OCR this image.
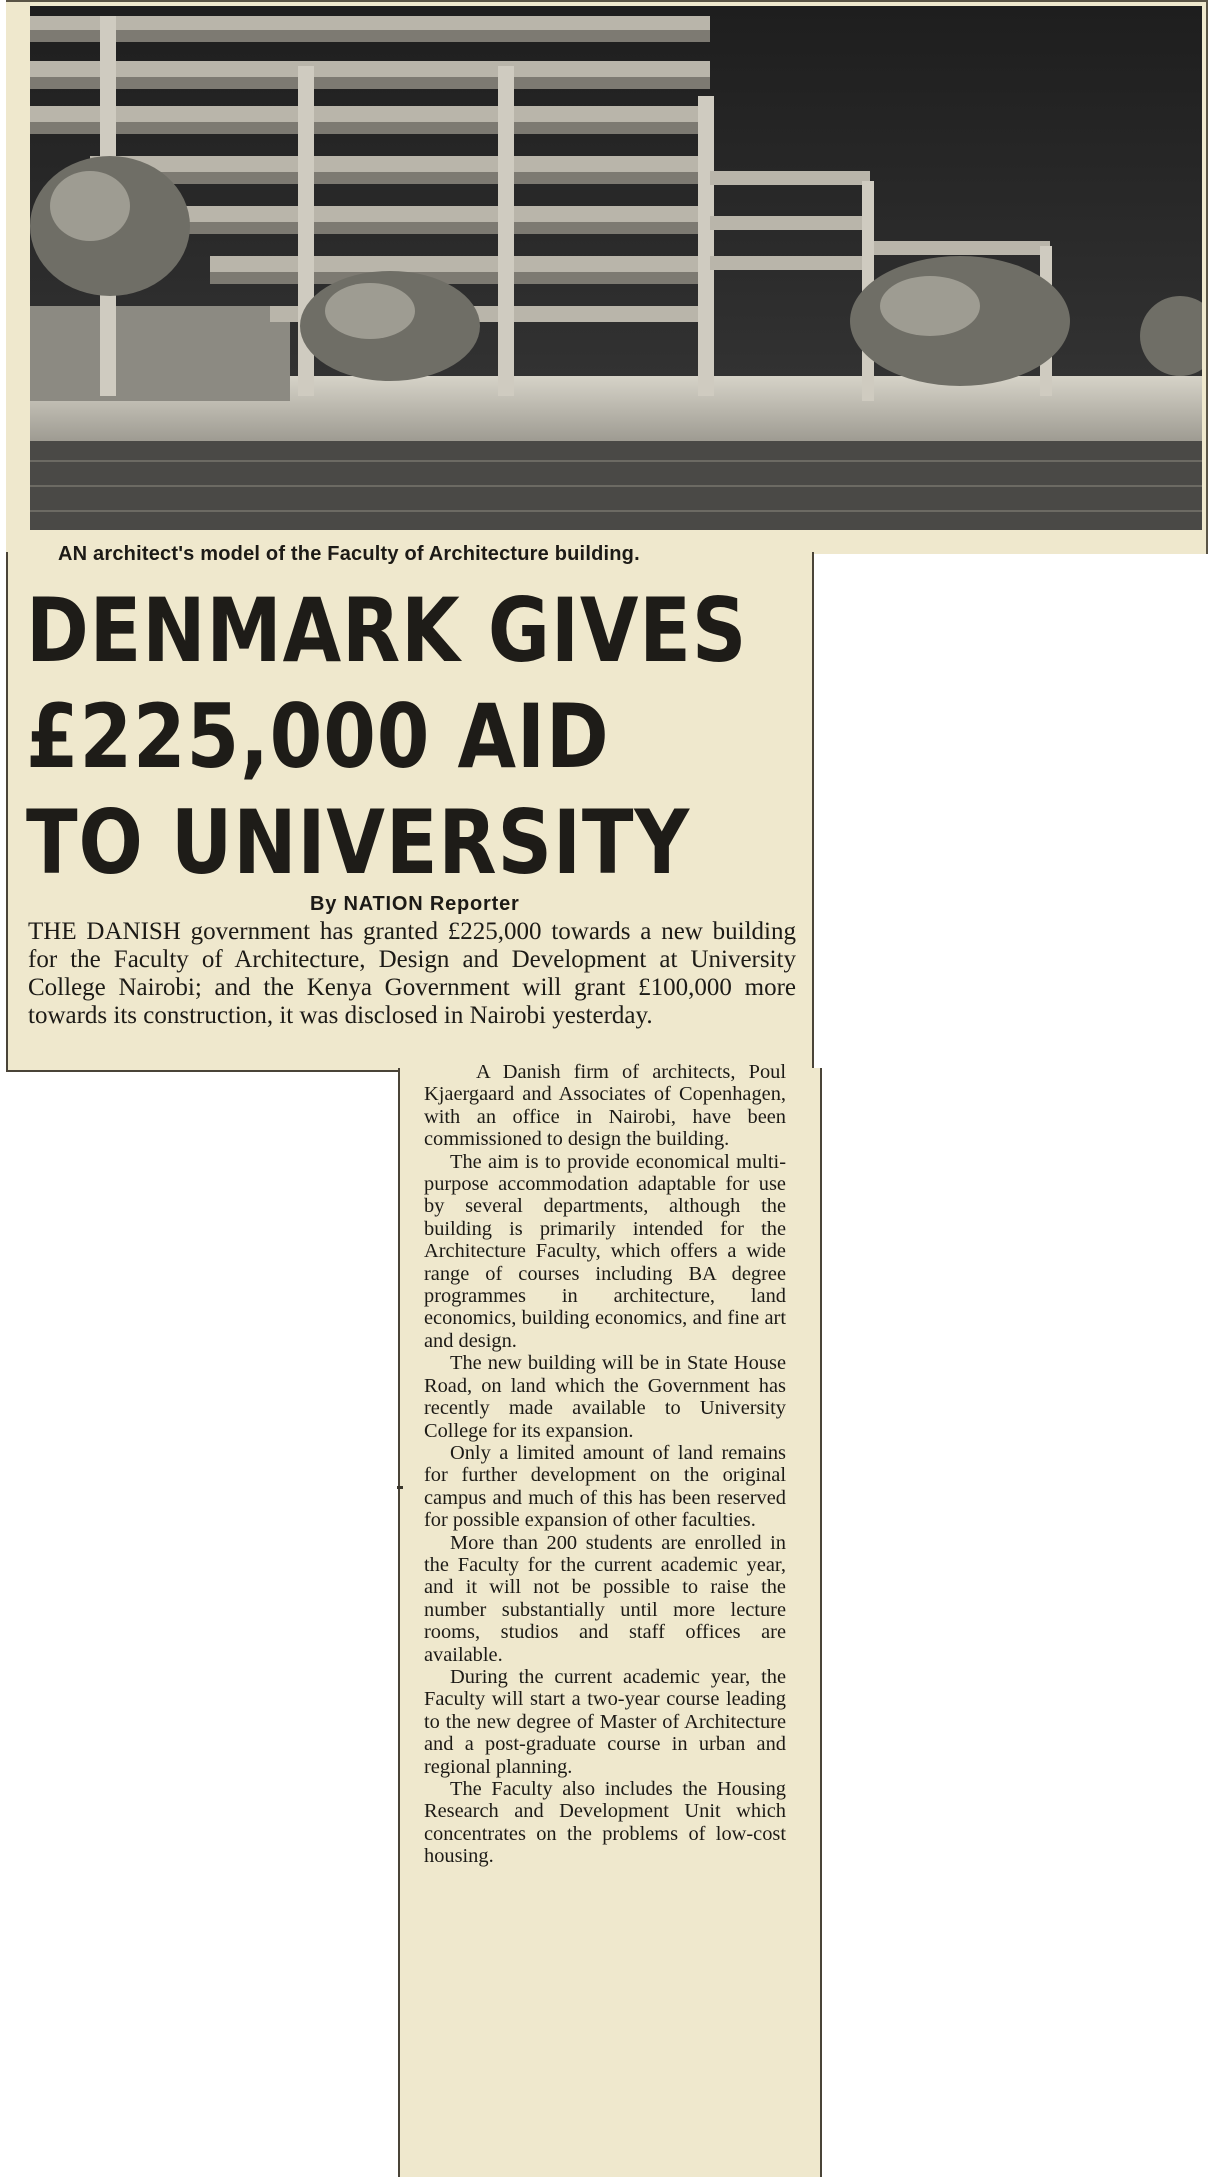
AN architect's model of the Faculty of Architecture building.
DENMARK GIVES
£225,000 AID
TO UNIVERSITY
By NATION Reporter
THE DANISH government has granted £225,000 towards a new building for the Faculty of Architecture, Design and Development at University College Nairobi; and the Kenya Government will grant £100,000 more towards its construction, it was disclosed in Nairobi yesterday.

A Danish firm of architects, Poul Kjaergaard and Associates of Copenhagen, with an office in Nairobi, have been commissioned to design the building.

The aim is to provide economical multi-purpose accommodation adaptable for use by several departments, although the building is primarily intended for the Architecture Faculty, which offers a wide range of courses including BA degree programmes in architecture, land economics, building economics, and fine art and design.

The new building will be in State House Road, on land which the Government has recently made available to University College for its expansion.

Only a limited amount of land remains for further development on the original campus and much of this has been reserved for possible expansion of other faculties.

More than 200 students are enrolled in the Faculty for the current academic year, and it will not be possible to raise the number substantially until more lecture rooms, studios and staff offices are available.

During the current academic year, the Faculty will start a two-year course leading to the new degree of Master of Architecture and a post-graduate course in urban and regional planning.

The Faculty also includes the Housing Research and Development Unit which concentrates on the problems of low-cost housing.
